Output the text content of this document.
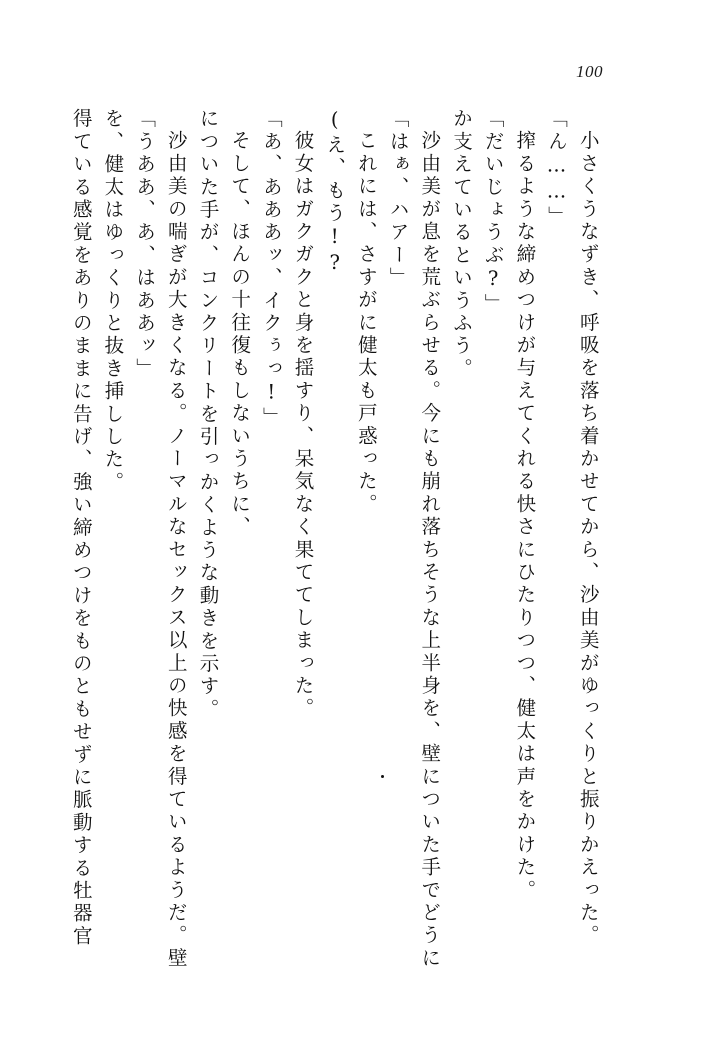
100
得ている感覚をありのままに告げ、強い締めつけをものともせずに脈動する牡器官 を、健太はゆっくりと抜き挿しした。 「うああ、あ、はああッ」 沙由美の喘ぎが大きくなる。ノーマルなセックス以上の快感を得ているようだ。壁 についた手が、コンクリートを引っかくような動きを示す。 そして、ほんの十往復もしないうちに、 「あ、あああッ、イクぅっ!」 彼女はガクガクと身を揺すり、呆気なく果ててしまった。 (え、もう!? これには、さすがに健太も戸惑った。 「はぁ、ハアー」 沙由美が息を荒ぶらせる。今にも崩れ落ちそうな上半身を、壁についた手でどうに か支えているというふう。 「だいじょうぶ?」 搾るような締めつけが与えてくれる快さにひたりつつ、健太は声をかけた。 「ん……」 小さくうなずき、呼吸を落ち着かせてから、沙由美がゆっくりと振りかえった。
